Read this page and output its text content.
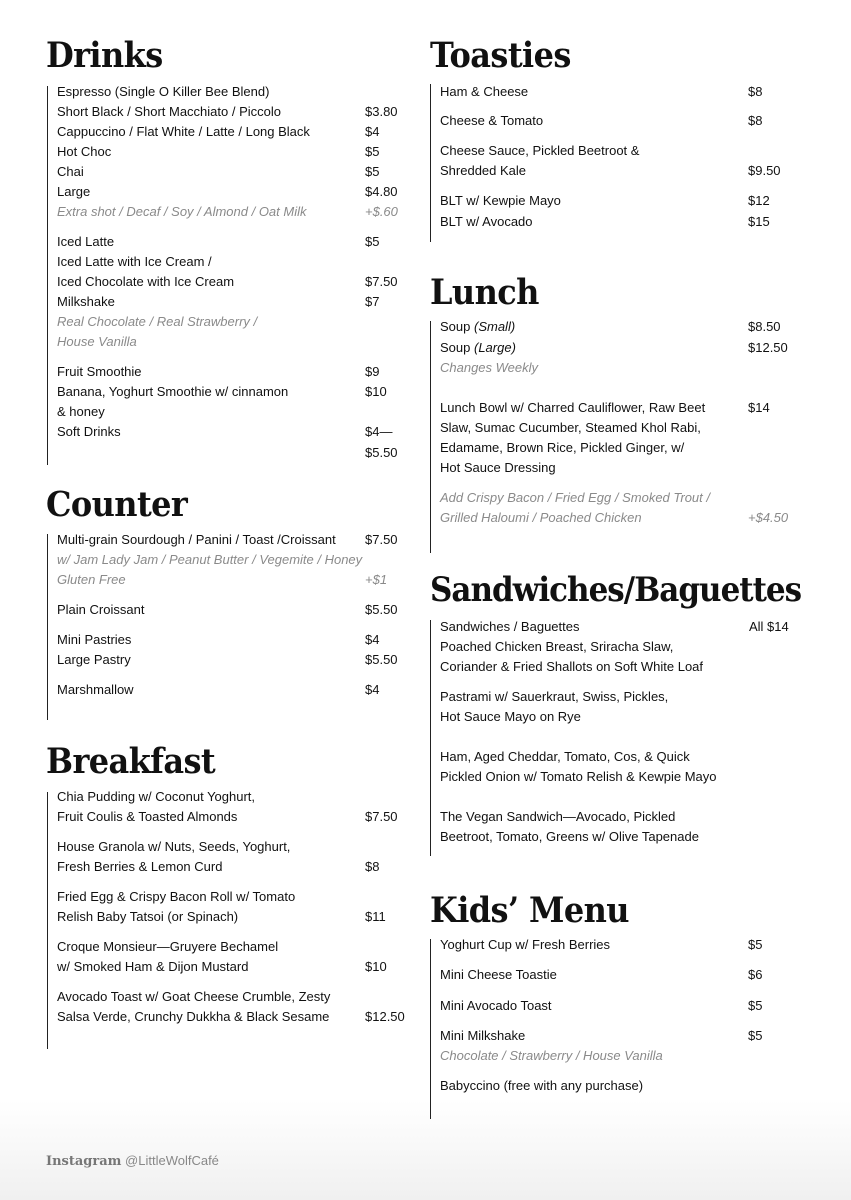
Drinks
Espresso (Single O Killer Bee Blend)
Short Black / Short Macchiato / Piccolo	$3.80
Cappuccino / Flat White / Latte / Long Black	$4
Hot Choc	$5
Chai	$5
Large	$4.80
Extra shot / Decaf / Soy / Almond / Oat Milk	+$.60
Iced Latte	$5
Iced Latte with Ice Cream /
Iced Chocolate with Ice Cream	$7.50
Milkshake	$7
Real Chocolate / Real Strawberry /
House Vanilla
Fruit Smoothie	$9
Banana, Yoghurt Smoothie w/ cinnamon	$10
& honey
Soft Drinks	$4—
$5.50
Counter
Multi-grain Sourdough / Panini / Toast /Croissant $7.50
w/ Jam Lady Jam / Peanut Butter / Vegemite / Honey
Gluten Free	+$1
Plain Croissant	$5.50
Mini Pastries	$4
Large Pastry	$5.50
Marshmallow	$4
Breakfast
Chia Pudding w/ Coconut Yoghurt,
Fruit Coulis & Toasted Almonds	$7.50
House Granola w/ Nuts, Seeds, Yoghurt,
Fresh Berries & Lemon Curd	$8
Fried Egg & Crispy Bacon Roll w/ Tomato
Relish Baby Tatsoi (or Spinach)	$11
Croque Monsieur—Gruyere Bechamel
w/ Smoked Ham & Dijon Mustard	$10
Avocado Toast w/ Goat Cheese Crumble, Zesty
Salsa Verde, Crunchy Dukkha & Black Sesame	$12.50
Toasties
Ham & Cheese	$8
Cheese & Tomato	$8
Cheese Sauce, Pickled Beetroot &
Shredded Kale	$9.50
BLT w/ Kewpie Mayo	$12
BLT w/ Avocado	$15
Lunch
Soup (Small)	$8.50
Soup (Large)	$12.50
Changes Weekly
Lunch Bowl w/ Charred Cauliflower, Raw Beet	$14
Slaw, Sumac Cucumber, Steamed Khol Rabi,
Edamame, Brown Rice, Pickled Ginger, w/
Hot Sauce Dressing
Add Crispy Bacon / Fried Egg / Smoked Trout /
Grilled Haloumi / Poached Chicken	+$4.50
Sandwiches/Baguettes
Sandwiches / Baguettes	All $14
Poached Chicken Breast, Sriracha Slaw,
Coriander & Fried Shallots on Soft White Loaf
Pastrami w/ Sauerkraut, Swiss, Pickles,
Hot Sauce Mayo on Rye
Ham, Aged Cheddar, Tomato, Cos, & Quick
Pickled Onion w/ Tomato Relish & Kewpie Mayo
The Vegan Sandwich—Avocado, Pickled
Beetroot, Tomato, Greens w/ Olive Tapenade
Kids’ Menu
Yoghurt Cup w/ Fresh Berries	$5
Mini Cheese Toastie	$6
Mini Avocado Toast	$5
Mini Milkshake	$5
Chocolate / Strawberry / House Vanilla
Babyccino (free with any purchase)
Instagram @LittleWolfCafé
